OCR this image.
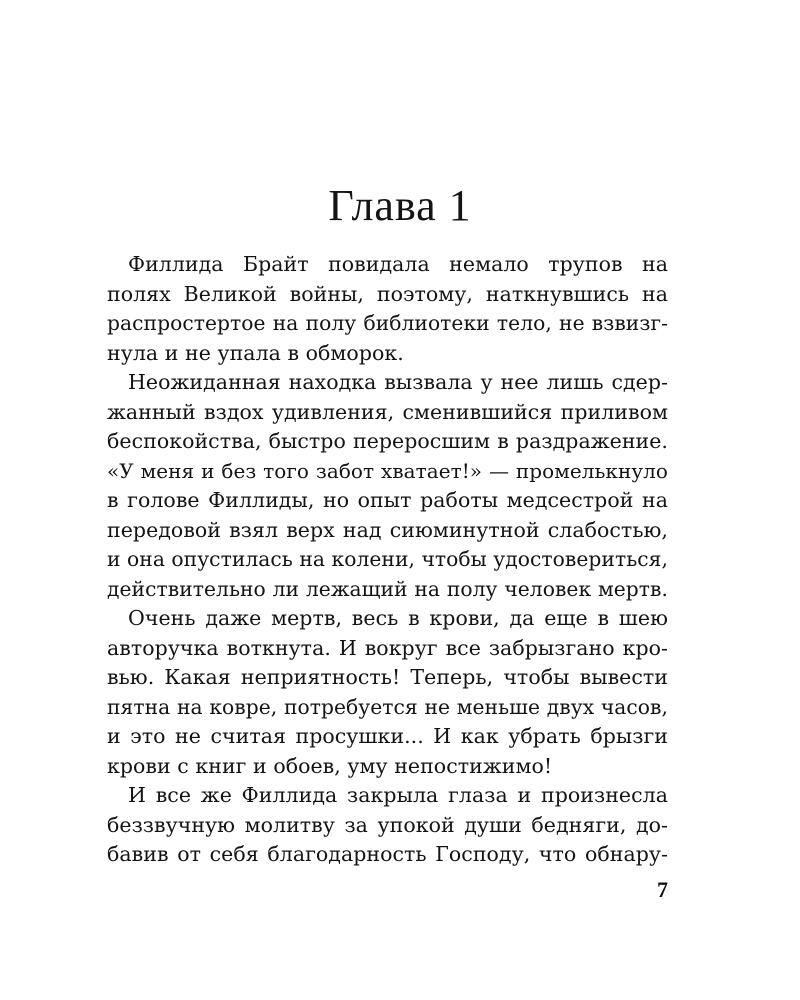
Глава 1
Филлида Брайт повидала немало трупов на
полях Великой войны, поэтому, наткнувшись на
распростертое на полу библиотеки тело, не взвизг-
нула и не упала в обморок.
Неожиданная находка вызвала у нее лишь сдер-
жанный вздох удивления, сменившийся приливом
беспокойства, быстро переросшим в раздражение.
«У меня и без того забот хватает!» — промелькнуло
в голове Филлиды, но опыт работы медсестрой на
передовой взял верх над сиюминутной слабостью,
и она опустилась на колени, чтобы удостовериться,
действительно ли лежащий на полу человек мертв.
Очень даже мертв, весь в крови, да еще в шею
авторучка воткнута. И вокруг все забрызгано кро-
вью. Какая неприятность! Теперь, чтобы вывести
пятна на ковре, потребуется не меньше двух часов,
и это не считая просушки... И как убрать брызги
крови с книг и обоев, уму непостижимо!
И все же Филлида закрыла глаза и произнесла
беззвучную молитву за упокой души бедняги, до-
бавив от себя благодарность Господу, что обнару-

7
